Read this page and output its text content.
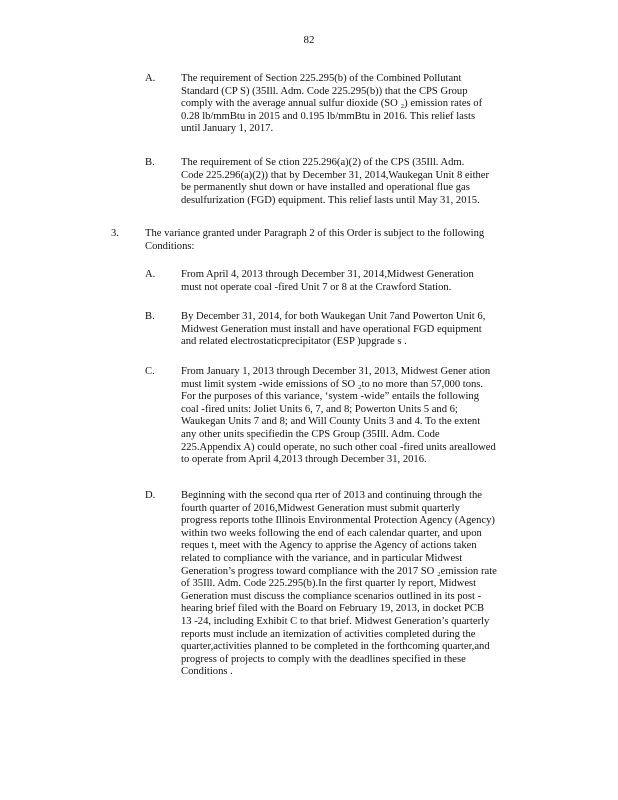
82
A. The requirement of Section 225.295(b) of the Combined Pollutant
Standard (CP S) (35Ill. Adm. Code 225.295(b)) that the CPS Group
comply with the average annual sulfur dioxide (SO ₂) emission rates of
0.28 lb/mmBtu in 2015 and 0.195 lb/mmBtu in 2016. This relief lasts
until January 1, 2017.
B. The requirement of Se ction 225.296(a)(2) of the CPS (35Ill. Adm.
Code 225.296(a)(2)) that by December 31, 2014,Waukegan Unit 8 either
be permanently shut down or have installed and operational flue gas
desulfurization (FGD) equipment. This relief lasts until May 31, 2015.
3. The variance granted under Paragraph 2 of this Order is subject to the following
Conditions:
A. From April 4, 2013 through December 31, 2014,Midwest Generation
must not operate coal -fired Unit 7 or 8 at the Crawford Station.
B. By December 31, 2014, for both Waukegan Unit 7and Powerton Unit 6,
Midwest Generation must install and have operational FGD equipment
and related electrostaticprecipitator (ESP )upgrade s .
C. From January 1, 2013 through December 31, 2013, Midwest Gener ation
must limit system -wide emissions of SO ₂to no more than 57,000 tons.
For the purposes of this variance, ‘system -wide” entails the following
coal -fired units: Joliet Units 6, 7, and 8; Powerton Units 5 and 6;
Waukegan Units 7 and 8; and Will County Units 3 and 4. To the extent
any other units specifiedin the CPS Group (35Ill. Adm. Code
225.Appendix A) could operate, no such other coal -fired units areallowed
to operate from April 4,2013 through December 31, 2016.
D. Beginning with the second qua rter of 2013 and continuing through the
fourth quarter of 2016,Midwest Generation must submit quarterly
progress reports tothe Illinois Environmental Protection Agency (Agency)
within two weeks following the end of each calendar quarter, and upon
reques t, meet with the Agency to apprise the Agency of actions taken
related to compliance with the variance, and in particular Midwest
Generation’s progress toward compliance with the 2017 SO ₂emission rate
of 35Ill. Adm. Code 225.295(b).In the first quarter ly report, Midwest
Generation must discuss the compliance scenarios outlined in its post -
hearing brief filed with the Board on February 19, 2013, in docket PCB
13 -24, including Exhibit C to that brief. Midwest Generation’s quarterly
reports must include an itemization of activities completed during the
quarter,activities planned to be completed in the forthcoming quarter,and
progress of projects to comply with the deadlines specified in these
Conditions .
